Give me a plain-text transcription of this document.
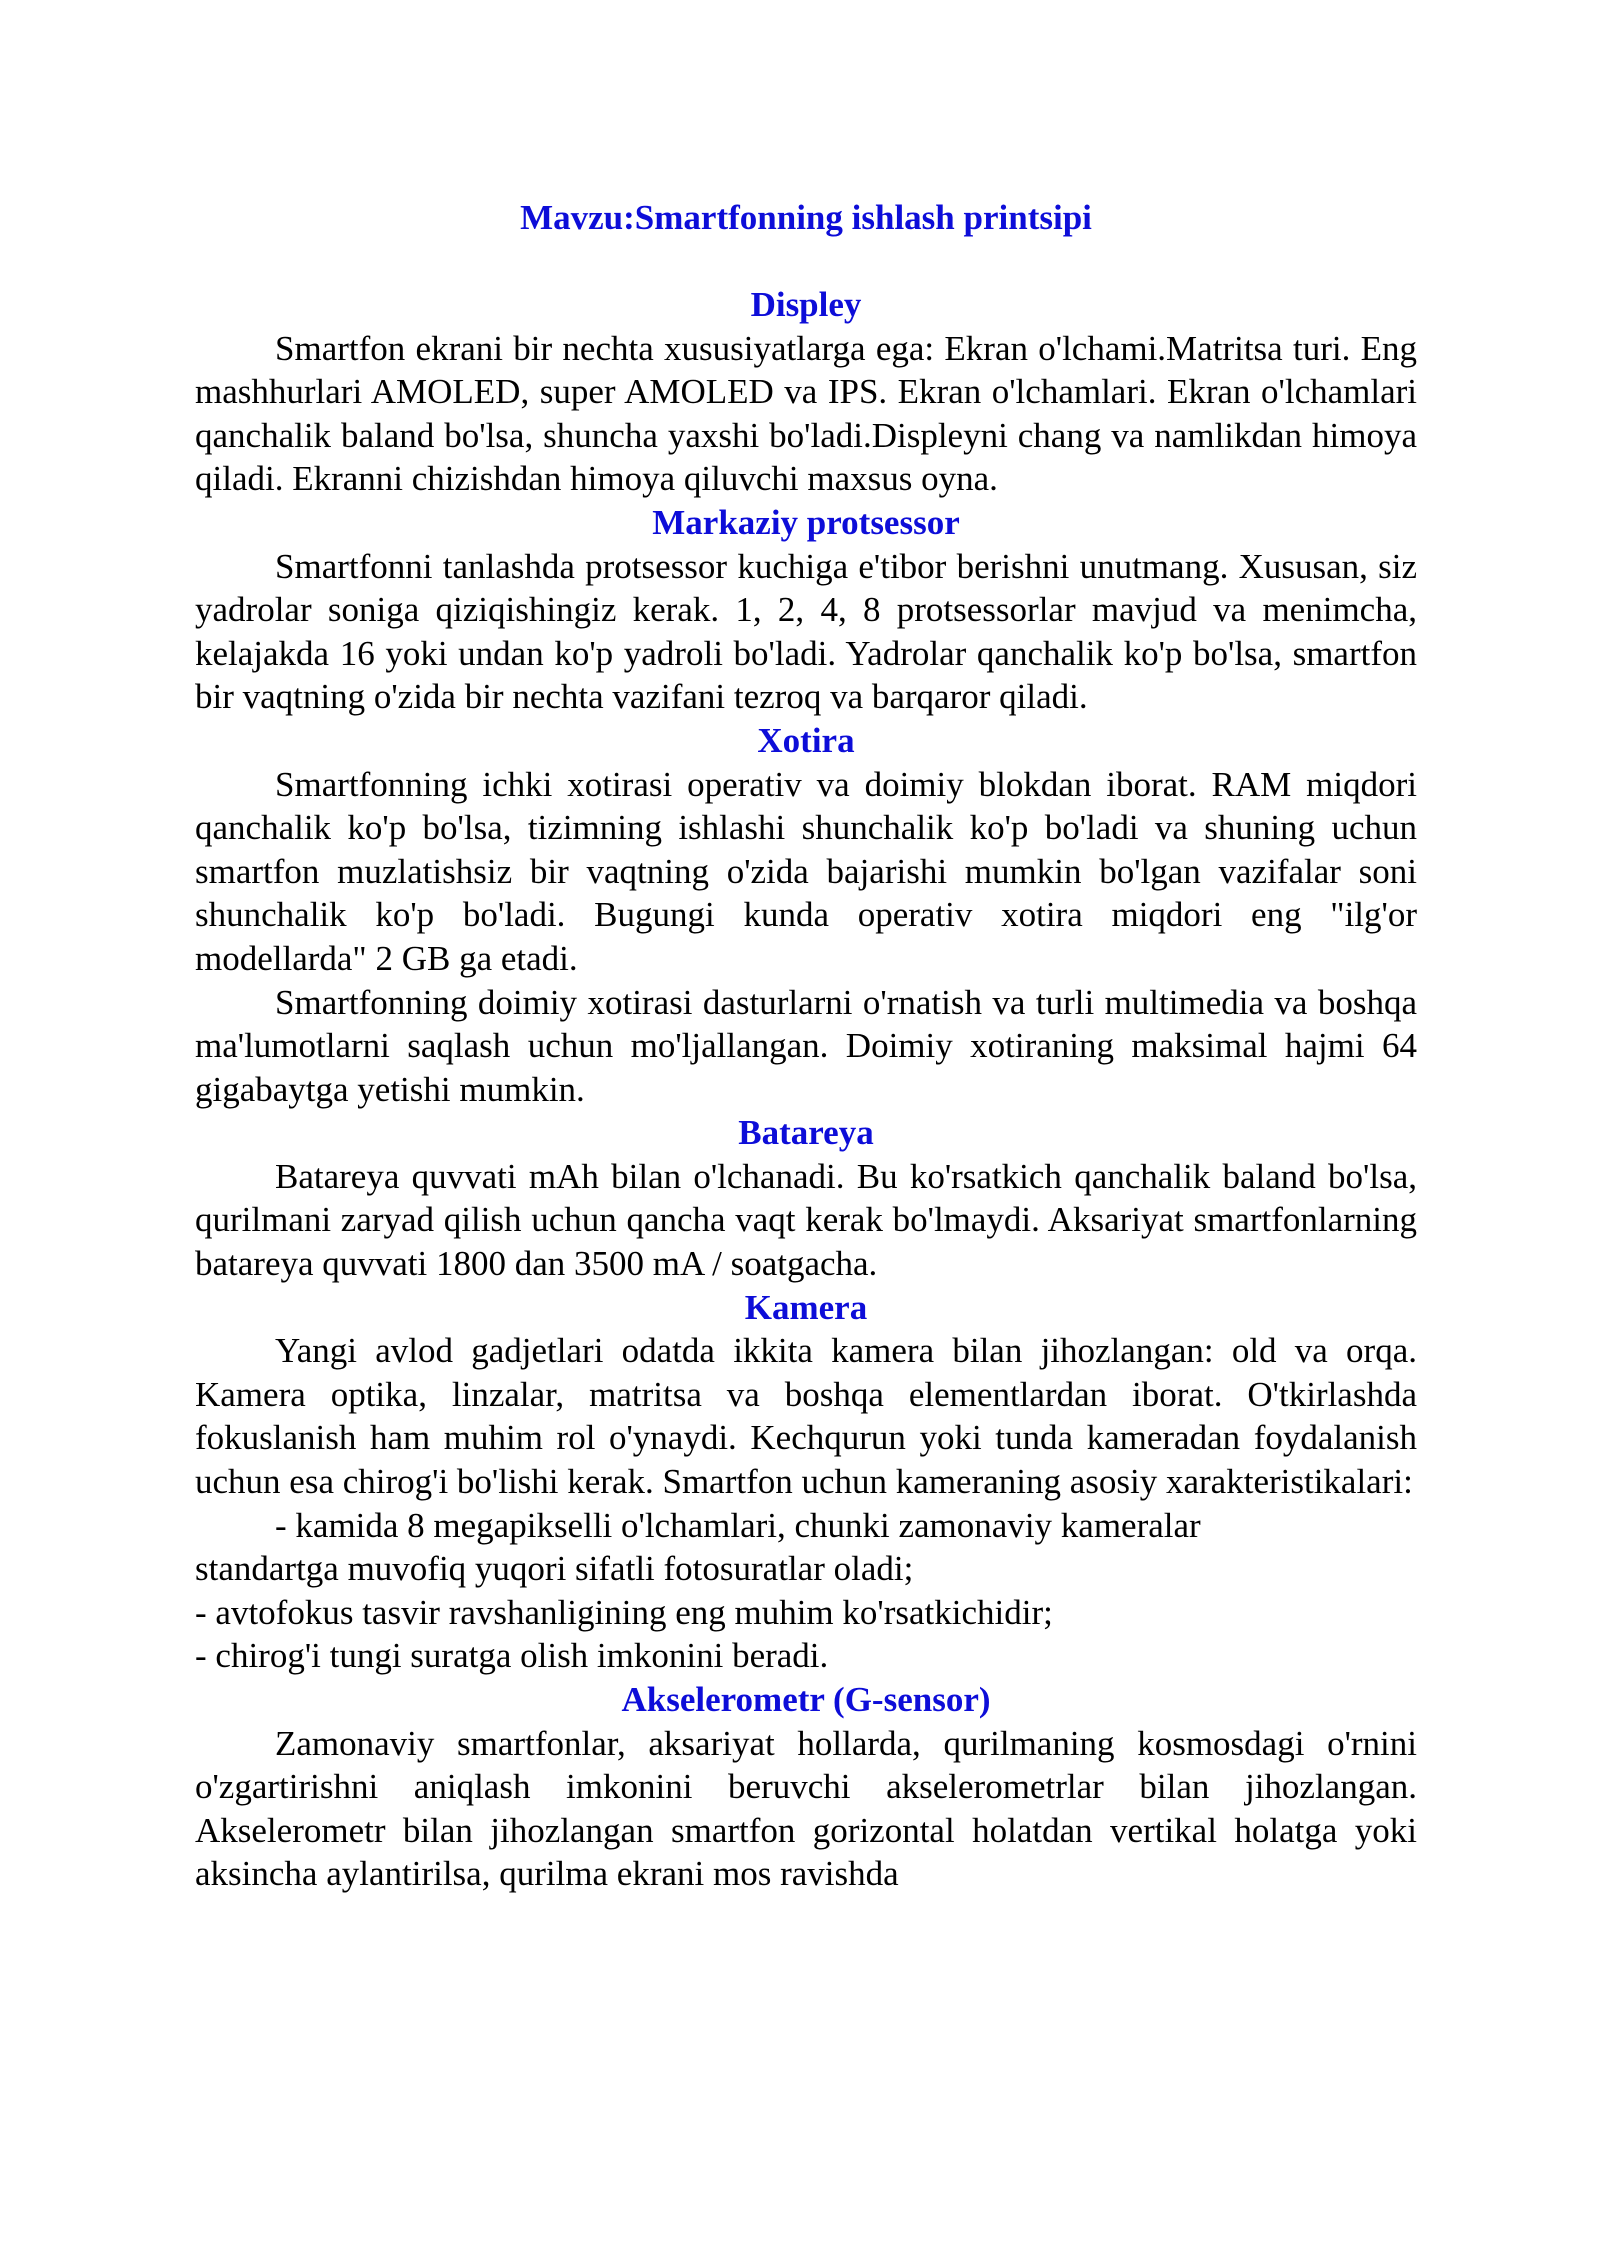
Mavzu:Smartfonning ishlash printsipi
Displey

Smartfon ekrani bir nechta xususiyatlarga ega: Ekran o'lchami.Matritsa turi. Eng mashhurlari AMOLED, super AMOLED va IPS. Ekran o'lchamlari. Ekran o'lchamlari qanchalik baland bo'lsa, shuncha yaxshi bo'ladi.Displeyni chang va namlikdan himoya qiladi. Ekranni chizishdan himoya qiluvchi maxsus oyna.

Markaziy protsessor

Smartfonni tanlashda protsessor kuchiga e'tibor berishni unutmang. Xususan, siz yadrolar soniga qiziqishingiz kerak. 1, 2, 4, 8 protsessorlar mavjud va menimcha, kelajakda 16 yoki undan ko'p yadroli bo'ladi. Yadrolar qanchalik ko'p bo'lsa, smartfon bir vaqtning o'zida bir nechta vazifani tezroq va barqaror qiladi.

Xotira

Smartfonning ichki xotirasi operativ va doimiy blokdan iborat. RAM miqdori qanchalik ko'p bo'lsa, tizimning ishlashi shunchalik ko'p bo'ladi va shuning uchun smartfon muzlatishsiz bir vaqtning o'zida bajarishi mumkin bo'lgan vazifalar soni shunchalik ko'p bo'ladi. Bugungi kunda operativ xotira miqdori eng "ilg'or modellarda" 2 GB ga etadi.

Smartfonning doimiy xotirasi dasturlarni o'rnatish va turli multimedia va boshqa ma'lumotlarni saqlash uchun mo'ljallangan. Doimiy xotiraning maksimal hajmi 64 gigabaytga yetishi mumkin.

Batareya

Batareya quvvati mAh bilan o'lchanadi. Bu ko'rsatkich qanchalik baland bo'lsa, qurilmani zaryad qilish uchun qancha vaqt kerak bo'lmaydi. Aksariyat smartfonlarning batareya quvvati 1800 dan 3500 mA / soatgacha.

Kamera

Yangi avlod gadjetlari odatda ikkita kamera bilan jihozlangan: old va orqa. Kamera optika, linzalar, matritsa va boshqa elementlardan iborat. O'tkirlashda fokuslanish ham muhim rol o'ynaydi. Kechqurun yoki tunda kameradan foydalanish uchun esa chirog'i bo'lishi kerak. Smartfon uchun kameraning asosiy xarakteristikalari:

- kamida 8 megapikselli o'lchamlari, chunki zamonaviy kameralar

standartga muvofiq yuqori sifatli fotosuratlar oladi;

- avtofokus tasvir ravshanligining eng muhim ko'rsatkichidir;

- chirog'i tungi suratga olish imkonini beradi.

Akselerometr (G-sensor)

Zamonaviy smartfonlar, aksariyat hollarda, qurilmaning kosmosdagi o'rnini o'zgartirishni aniqlash imkonini beruvchi akselerometrlar bilan jihozlangan. Akselerometr bilan jihozlangan smartfon gorizontal holatdan vertikal holatga yoki aksincha aylantirilsa, qurilma ekrani mos ravishda
